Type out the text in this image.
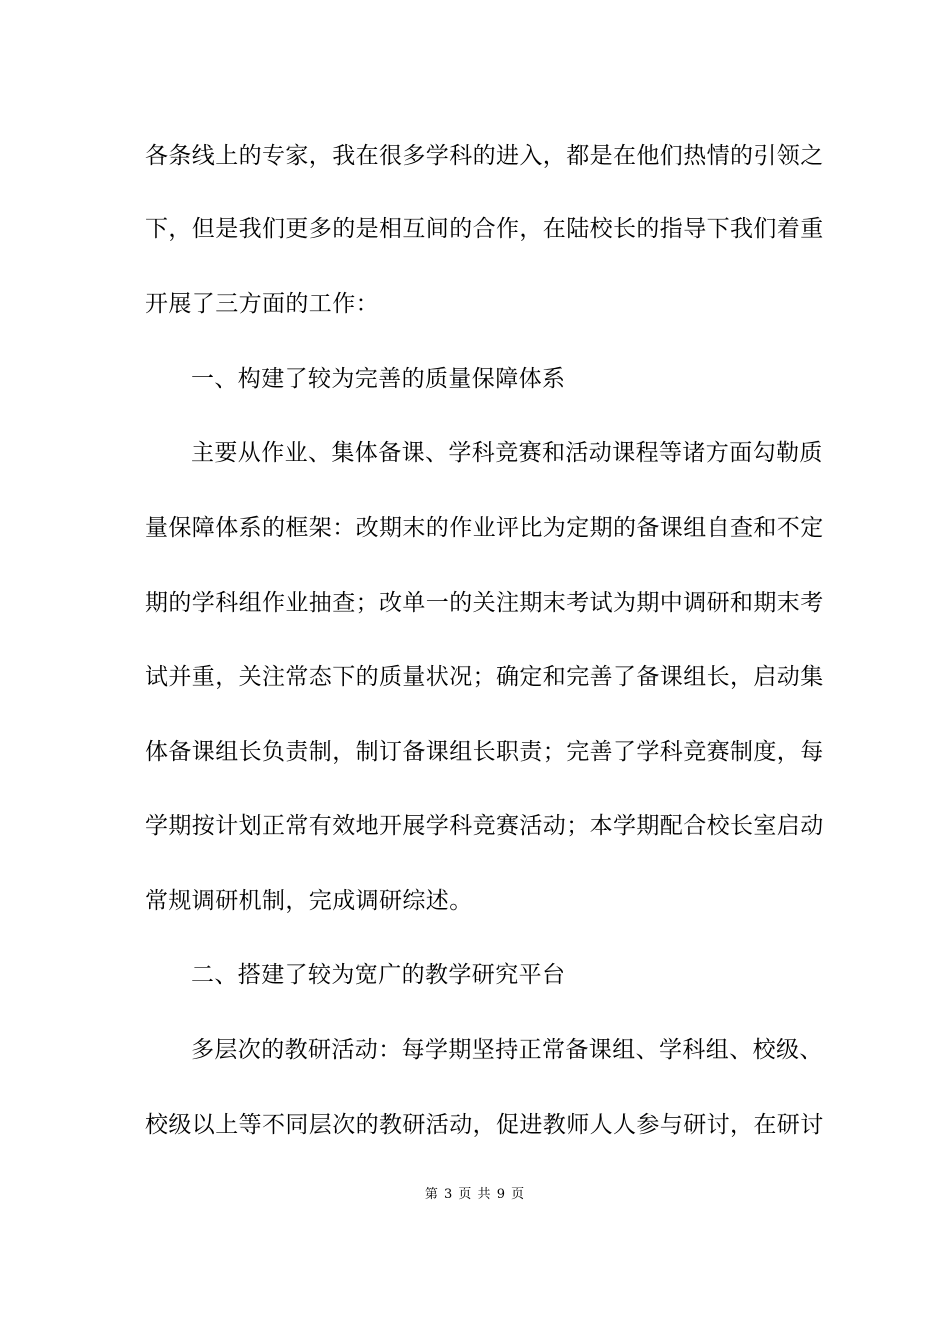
各条线上的专家，我在很多学科的进入，都是在他们热情的引领之
下，但是我们更多的是相互间的合作，在陆校长的指导下我们着重
开展了三方面的工作：
一、构建了较为完善的质量保障体系
主要从作业、集体备课、学科竞赛和活动课程等诸方面勾勒质
量保障体系的框架：改期末的作业评比为定期的备课组自查和不定
期的学科组作业抽查；改单一的关注期末考试为期中调研和期末考
试并重，关注常态下的质量状况；确定和完善了备课组长，启动集
体备课组长负责制，制订备课组长职责；完善了学科竞赛制度，每
学期按计划正常有效地开展学科竞赛活动；本学期配合校长室启动
常规调研机制，完成调研综述。
二、搭建了较为宽广的教学研究平台
多层次的教研活动：每学期坚持正常备课组、学科组、校级、
校级以上等不同层次的教研活动，促进教师人人参与研讨，在研讨
第 3 页 共 9 页
